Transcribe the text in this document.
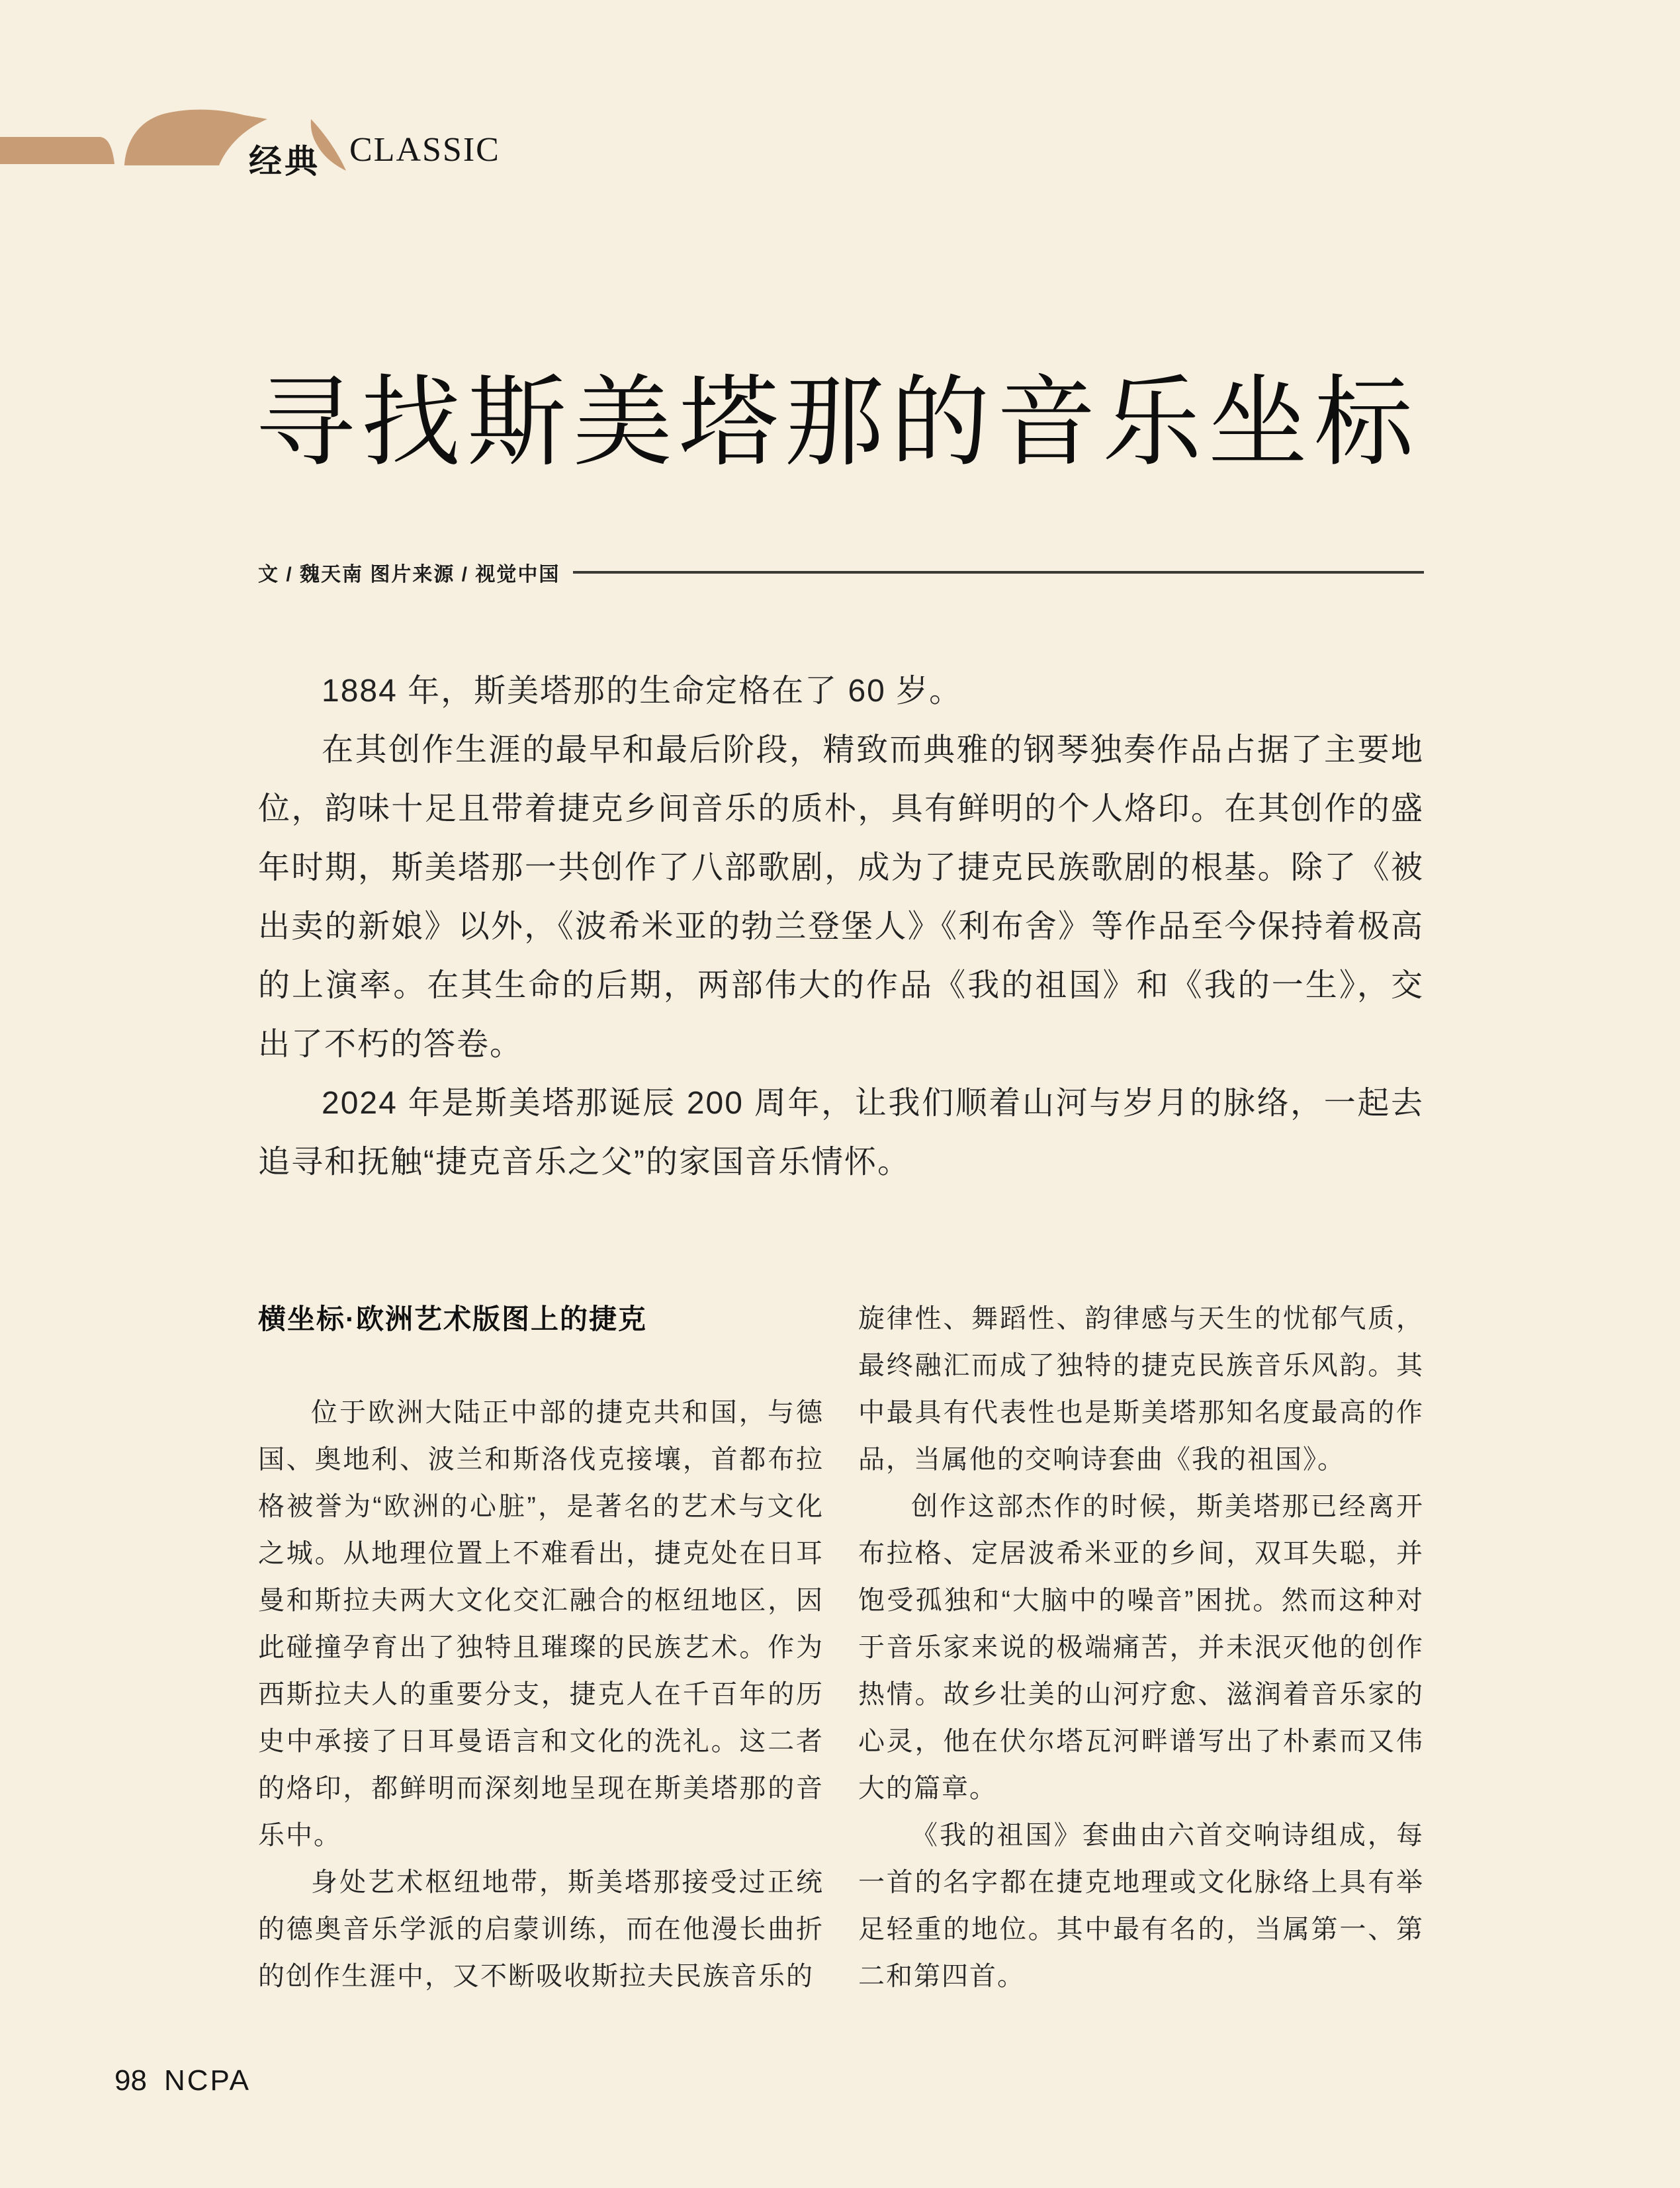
经典 CLASSIC
寻找斯美塔那的音乐坐标
文 / 魏天南 图片来源 / 视觉中国

1884 年，斯美塔那的生命定格在了 60 岁。

在其创作生涯的最早和最后阶段，精致而典雅的钢琴独奏作品占据了主要地位，韵味十足且带着捷克乡间音乐的质朴，具有鲜明的个人烙印。在其创作的盛年时期，斯美塔那一共创作了八部歌剧，成为了捷克民族歌剧的根基。除了《被出卖的新娘》以外，《波希米亚的勃兰登堡人》《利布舍》等作品至今保持着极高的上演率。在其生命的后期，两部伟大的作品《我的祖国》和《我的一生》，交出了不朽的答卷。

2024 年是斯美塔那诞辰 200 周年，让我们顺着山河与岁月的脉络，一起去追寻和抚触“捷克音乐之父”的家国音乐情怀。

横坐标·欧洲艺术版图上的捷克

位于欧洲大陆正中部的捷克共和国，与德国、奥地利、波兰和斯洛伐克接壤，首都布拉格被誉为“欧洲的心脏”，是著名的艺术与文化之城。从地理位置上不难看出，捷克处在日耳曼和斯拉夫两大文化交汇融合的枢纽地区，因此碰撞孕育出了独特且璀璨的民族艺术。作为西斯拉夫人的重要分支，捷克人在千百年的历史中承接了日耳曼语言和文化的洗礼。这二者的烙印，都鲜明而深刻地呈现在斯美塔那的音乐中。

身处艺术枢纽地带，斯美塔那接受过正统的德奥音乐学派的启蒙训练，而在他漫长曲折的创作生涯中，又不断吸收斯拉夫民族音乐的

旋律性、舞蹈性、韵律感与天生的忧郁气质，最终融汇而成了独特的捷克民族音乐风韵。其中最具有代表性也是斯美塔那知名度最高的作品，当属他的交响诗套曲《我的祖国》。

创作这部杰作的时候，斯美塔那已经离开布拉格、定居波希米亚的乡间，双耳失聪，并饱受孤独和“大脑中的噪音”困扰。然而这种对于音乐家来说的极端痛苦，并未泯灭他的创作热情。故乡壮美的山河疗愈、滋润着音乐家的心灵，他在伏尔塔瓦河畔谱写出了朴素而又伟大的篇章。

《我的祖国》套曲由六首交响诗组成，每一首的名字都在捷克地理或文化脉络上具有举足轻重的地位。其中最有名的，当属第一、第二和第四首。

98 NCPA
